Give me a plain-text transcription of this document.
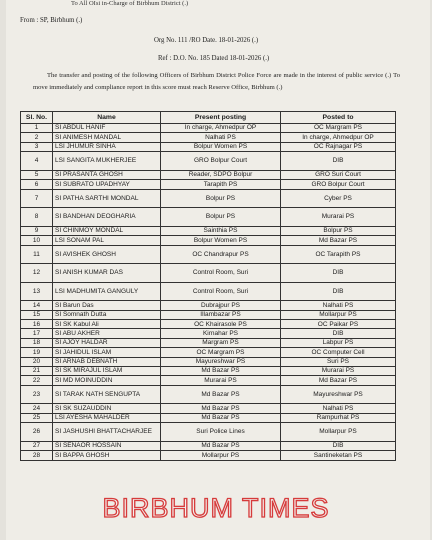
To All OIsi in-Charge of Birbhum District (.)
From : SP, Birbhum (.)
Org No. 111 /RO Date. 18-01-2026 (.)
Ref : D.O. No. 185 Dated 18-01-2026 (.)

The transfer and posting of the following Officers of Birbhum District Police Force are made in the interest of public service (.) To move immediately and compliance report in this score must reach Reserve Office, Birbhum (.)

Sl. No.	Name	Present posting	Posted to
1	SI ABDUL HANIF	In charge, Ahmedpur OP	OC Margram PS
2	SI ANIMESH MANDAL	Nalhati PS	In charge, Ahmedpur OP
3	LSI JHUMUR SINHA	Bolpur Women PS	OC Rajnagar PS
4	LSI SANGITA MUKHERJEE	GRO Bolpur Court	DIB
5	SI PRASANTA GHOSH	Reader, SDPO Bolpur	GRO Suri Court
6	SI SUBRATO UPADHYAY	Tarapith PS	GRO Bolpur Court
7	SI PATHA SARTHI MONDAL	Bolpur PS	Cyber PS
8	SI BANDHAN DEOGHARIA	Bolpur PS	Murarai PS
9	SI CHINMOY MONDAL	Sainthia PS	Bolpur PS
10	LSI SONAM PAL	Bolpur Women PS	Md Bazar PS
11	SI AVISHEK GHOSH	OC Chandrapur PS	OC Tarapith PS
12	SI ANISH KUMAR DAS	Control Room, Suri	DIB
13	LSI MADHUMITA GANGULY	Control Room, Suri	DIB
14	SI Barun Das	Dubrajpur PS	Nalhati PS
15	SI Somnath Dutta	Illambazar PS	Mollarpur PS
16	SI SK Kabul Ali	OC Khairasole PS	OC Paikar PS
17	SI ABU AKHER	Kirnahar PS	DIB
18	SI AJOY HALDAR	Margram PS	Labpur PS
19	SI JAHIDUL ISLAM	OC Margram PS	OC Computer Cell
20	SI ARNAB DEBNATH	Mayureshwar PS	Suri PS
21	SI SK MIRAJUL ISLAM	Md Bazar PS	Murarai PS
22	SI MD MOINUDDIN	Murarai PS	Md Bazar PS
23	SI TARAK NATH SENGUPTA	Md Bazar PS	Mayureshwar PS
24	SI SK SUZAUDDIN	Md Bazar PS	Nalhati PS
25	LSI AYESHA MAHALDER	Md Bazar PS	Rampurhat PS
26	SI JASHUSHI BHATTACHARJEE	Suri Police Lines	Mollarpur PS
27	SI SENAOR HOSSAIN	Md Bazar PS	DIB
28	SI BAPPA GHOSH	Mollarpur PS	Santineketan PS
BIRBHUM TIMES
